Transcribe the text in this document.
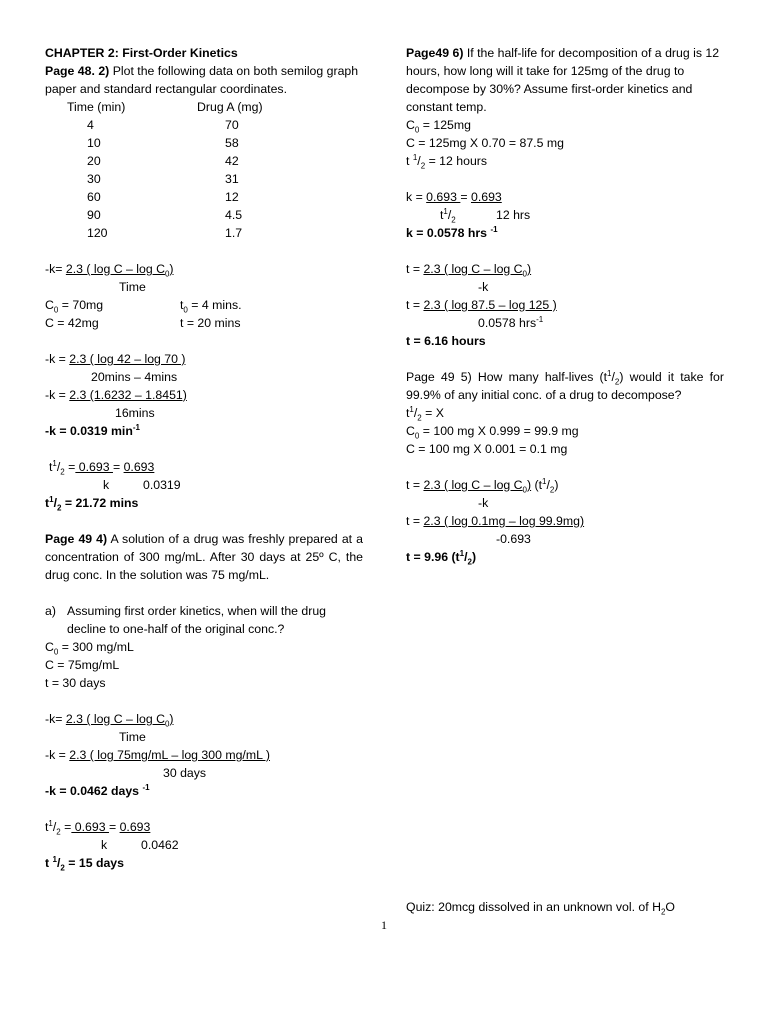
CHAPTER 2: First-Order Kinetics
Page 48. 2) Plot the following data on both semilog graph paper and standard rectangular coordinates.
Time (min)	Drug A (mg)
4	70
10	58
20	42
30	31
60	12
90	4.5
120	1.7
-k= 2.3 ( log C – $\log C_0$)
Time
$C_0 = 70mg$	$t_0 = 4$ mins.
C = 42mg	t = 20 mins
-k = 2.3 ( log 42 – log 70 )
20mins – 4mins
-k = 2.3 (1.6232 – 1.8451)
16mins
-k = 0.0319 $\min^{-1}$
$t^1/_2 = 0.693 = 0.693$
k	0.0319
$t^1/_2 = 21.72$ mins
Page 49 4) A solution of a drug was freshly prepared at a concentration of 300 mg/mL. After 30 days at 25º C, the drug conc. In the solution was 75 mg/mL.
a) Assuming first order kinetics, when will the drug decline to one-half of the original conc.?
$C_0 = 300$ mg/mL
C = 75mg/mL
t = 30 days
-k= 2.3 ( log C – $\log C_0$)
Time
-k = 2.3 ( log 75mg/mL – log 300 mg/mL )
30 days
-k = 0.0462 days $^{-1}$
$t^1/_2 = 0.693 = 0.693$
k	0.0462
t $^1/_2 = 15$ days
Page49 6) If the half-life for decomposition of a drug is 12 hours, how long will it take for 125mg of the drug to decompose by 30%? Assume first-order kinetics and constant temp.
$C_0 = 125mg$
C = 125mg X 0.70 = 87.5 mg
t $^1/_2 = 12$ hours
k = 0.693 = 0.693
$t^1/_2$	12 hrs
k = 0.0578 hrs $^{-1}$
t = 2.3 ( log C – $\log C_0$)
-k
t = 2.3 ( log 87.5 – log 125 )
0.0578 hrs$^{-1}$
t = 6.16 hours
Page 49 5) How many half-lives $(t^1/_2)$ would it take for 99.9% of any initial conc. of a drug to decompose?
$t^1/_2 = X$
$C_0 = 100$ mg X 0.999 = 99.9 mg
C = 100 mg X 0.001 = 0.1 mg
t = 2.3 ( log C – $\log C_0$) $(t^1/_2)$
-k
t = 2.3 ( log 0.1mg – log 99.9mg)
-0.693
t = 9.96 $(t^1/_2)$
Quiz: 20mcg dissolved in an unknown vol. of $H_2O$
1
